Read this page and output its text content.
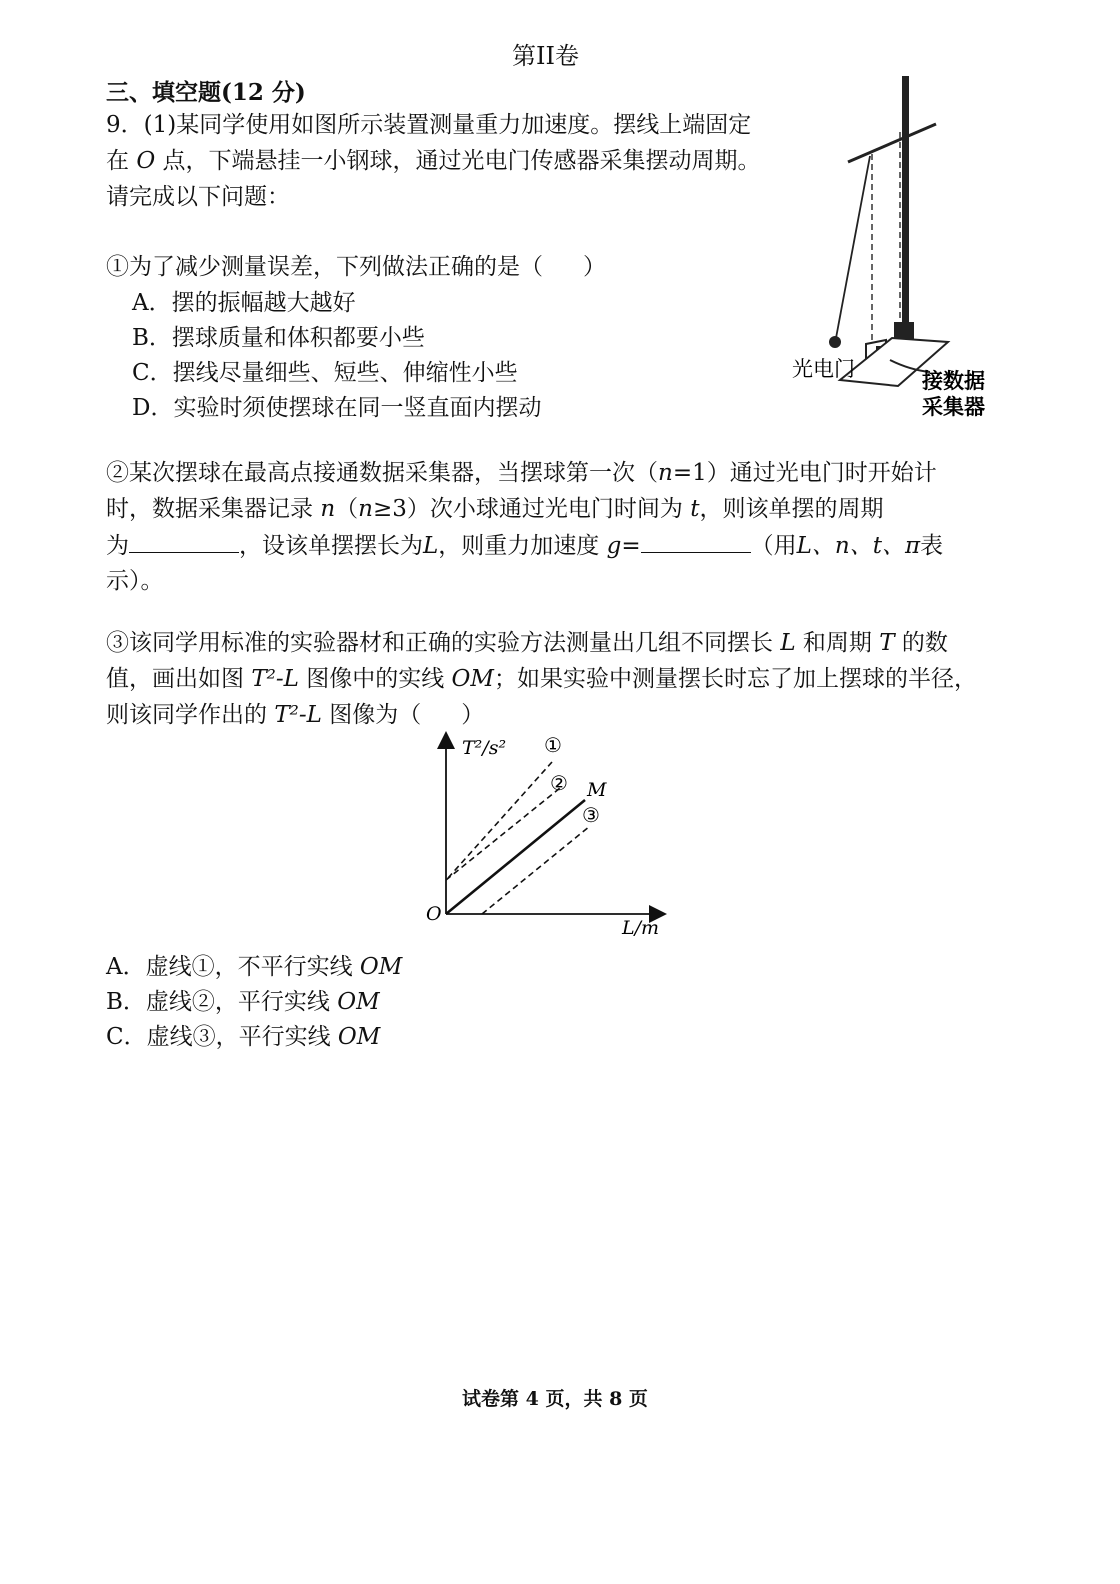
第II卷
三、填空题(12 分)
9．(1)某同学使用如图所示装置测量重力加速度。摆线上端固定
在 O 点，下端悬挂一小钢球，通过光电门传感器采集摆动周期。
请完成以下问题：
①为了减少测量误差，下列做法正确的是（ ）
A．摆的振幅越大越好
B．摆球质量和体积都要小些
C．摆线尽量细些、短些、伸缩性小些
D．实验时须使摆球在同一竖直面内摆动
光电门	接数据
采集器
②某次摆球在最高点接通数据采集器，当摆球第一次（n=1）通过光电门时开始计
时，数据采集器记录 n（n≥3）次小球通过光电门时间为 t，则该单摆的周期
为	，设该单摆摆长为L，则重力加速度 g=	（用L、n、t、π表
示）。
③该同学用标准的实验器材和正确的实验方法测量出几组不同摆长 L 和周期 T 的数
值，画出如图 T²-L 图像中的实线 OM；如果实验中测量摆长时忘了加上摆球的半径，
则该同学作出的 T²-L 图像为（ ）
T²/s²
L/m
O
M
①
②
③
A．虚线①，不平行实线 OM
B．虚线②，平行实线 OM
C．虚线③，平行实线 OM
试卷第 4 页，共 8 页
